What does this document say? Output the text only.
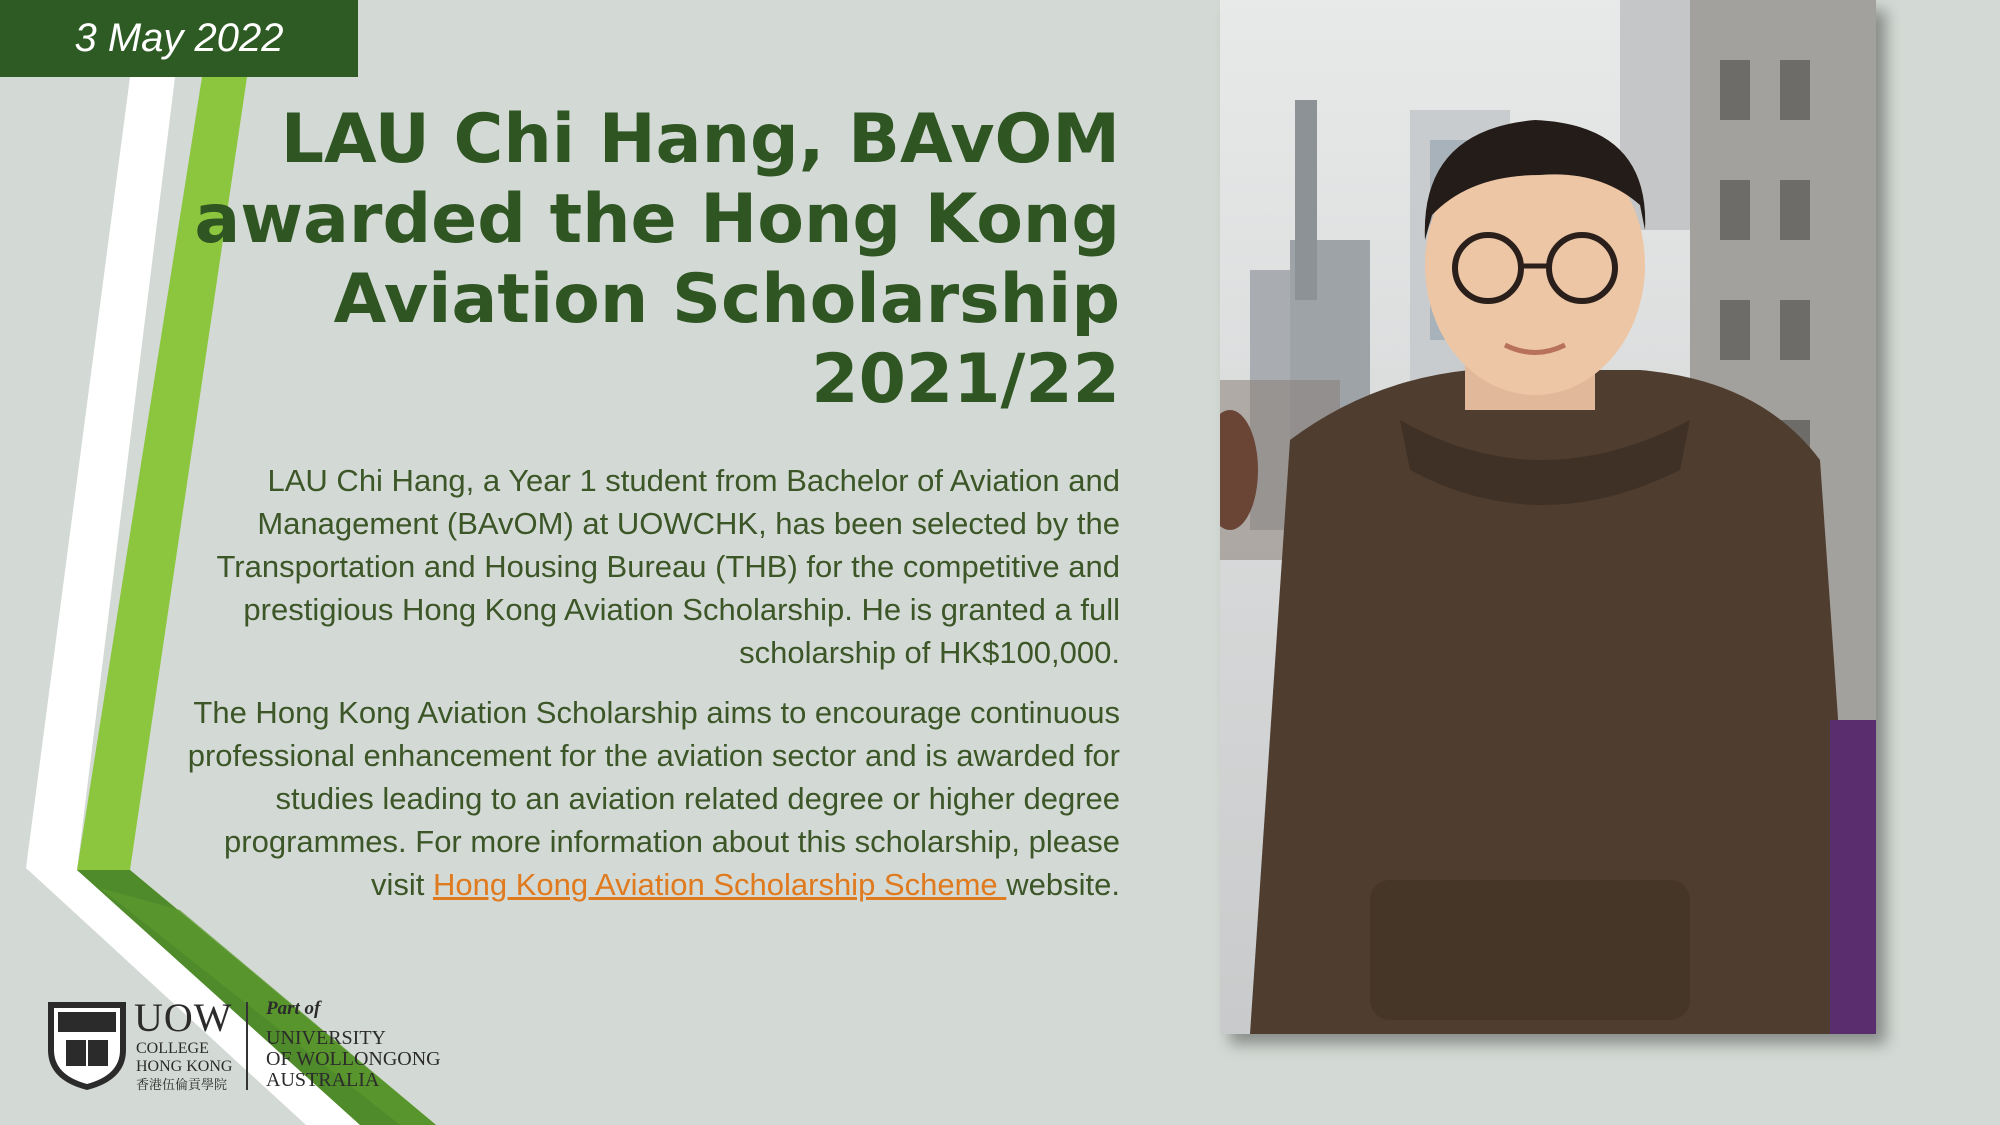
3 May 2022
LAU Chi Hang, BAvOM
awarded the Hong Kong
Aviation Scholarship
2021/22

LAU Chi Hang, a Year 1 student from Bachelor of Aviation and Management (BAvOM) at UOWCHK, has been selected by the Transportation and Housing Bureau (THB) for the competitive and prestigious Hong Kong Aviation Scholarship. He is granted a full scholarship of HK$100,000.

The Hong Kong Aviation Scholarship aims to encourage continuous professional enhancement for the aviation sector and is awarded for studies leading to an aviation related degree or higher degree programmes. For more information about this scholarship, please visit Hong Kong Aviation Scholarship Scheme website.

UOW
COLLEGE
HONG KONG
香港伍倫貢學院
Part of
UNIVERSITY
OF WOLLONGONG
AUSTRALIA
